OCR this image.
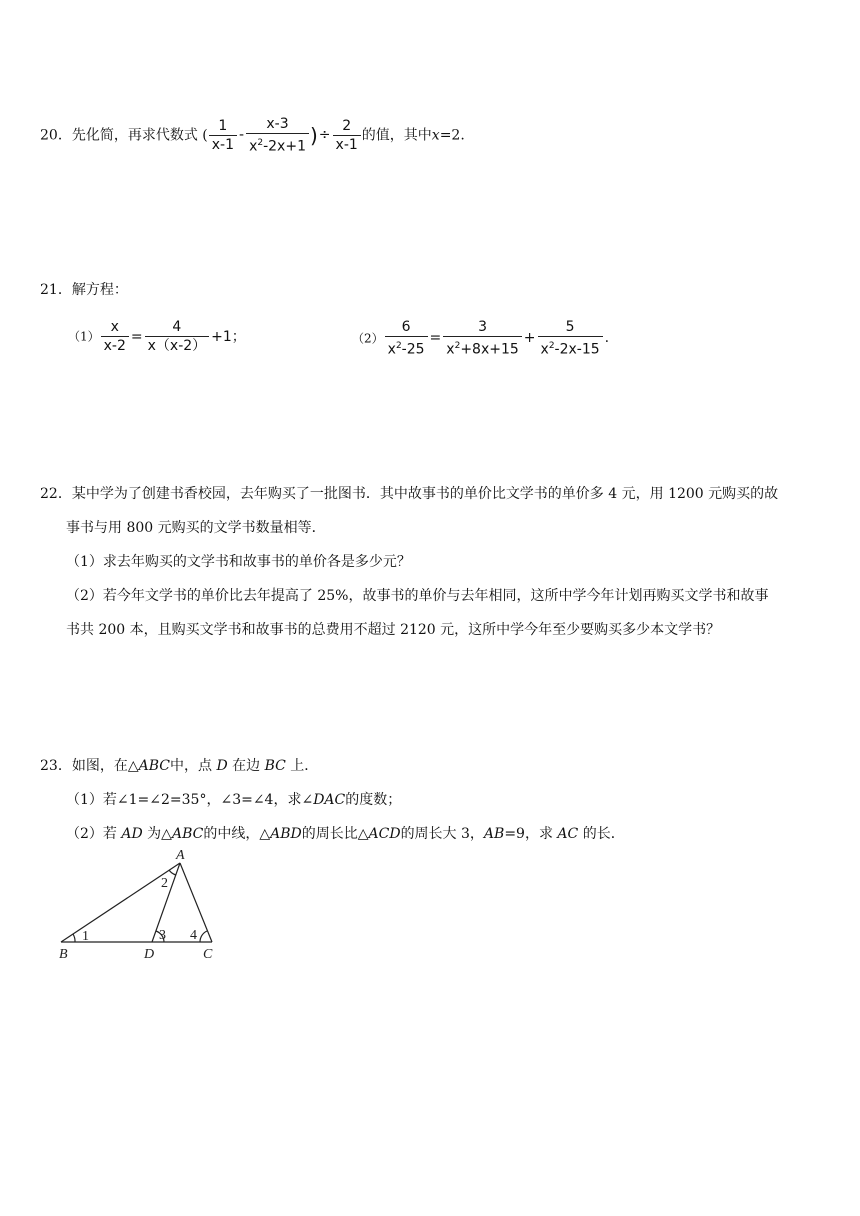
20．先化简，再求代数式 ( $\frac{1}{x-1} - \frac{x-3}{x^2-2x+1}$ )÷ $\frac{2}{x-1}$ 的值，其中x=2.
21．解方程：
$(1) \frac{x}{x-2} = \frac{4}{x(x-2)} +1$；	$(2) \frac{6}{x^2-25} = \frac{3}{x^2+8x+15} + \frac{5}{x^2-2x-15}$ .
22．某中学为了创建书香校园，去年购买了一批图书．其中故事书的单价比文学书的单价多 4 元，用 1200 元购买的故
事书与用 800 元购买的文学书数量相等．
（1）求去年购买的文学书和故事书的单价各是多少元？
（2）若今年文学书的单价比去年提高了 25%，故事书的单价与去年相同，这所中学今年计划再购买文学书和故事
书共 200 本，且购买文学书和故事书的总费用不超过 2120 元，这所中学今年至少要购买多少本文学书？
23．如图，在△ABC中，点 D 在边 BC 上．
（1）若∠1=∠2=35°，∠3=∠4，求∠DAC的度数；
（2）若 AD 为△ABC的中线，△ABD的周长比△ACD的周长大 3，AB=9，求 AC 的长．
A
B	D	C
1
2
3 4
